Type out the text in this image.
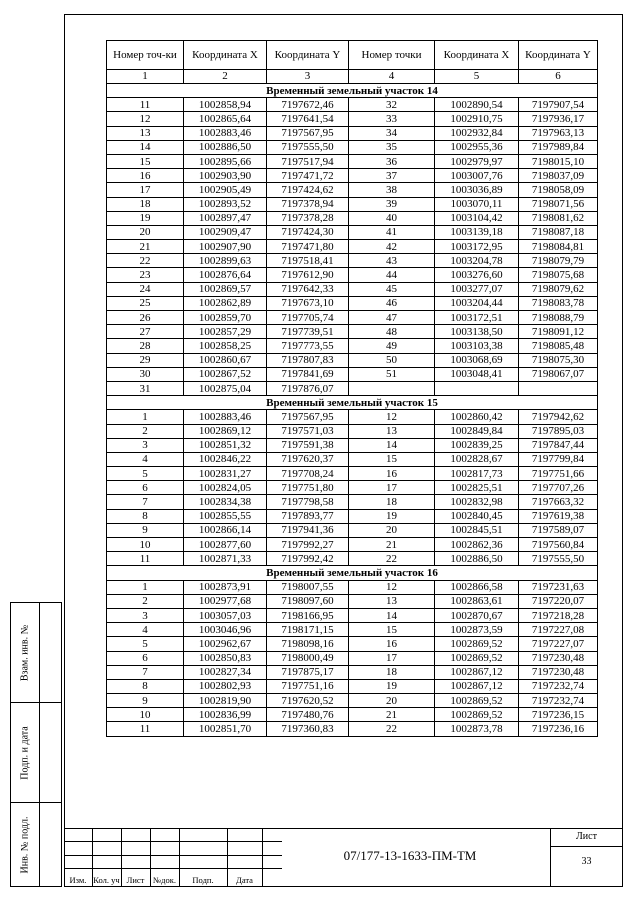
Номер точ-ки	Координата X	Координата Y	Номер точки	Координата X	Координата Y
1	2	3	4	5	6
Временный земельный участок 14					
11	1002858,94	7197672,46	32	1002890,54	7197907,54
12	1002865,64	7197641,54	33	1002910,75	7197936,17
13	1002883,46	7197567,95	34	1002932,84	7197963,13
14	1002886,50	7197555,50	35	1002955,36	7197989,84
15	1002895,66	7197517,94	36	1002979,97	7198015,10
16	1002903,90	7197471,72	37	1003007,76	7198037,09
17	1002905,49	7197424,62	38	1003036,89	7198058,09
18	1002893,52	7197378,94	39	1003070,11	7198071,56
19	1002897,47	7197378,28	40	1003104,42	7198081,62
20	1002909,47	7197424,30	41	1003139,18	7198087,18
21	1002907,90	7197471,80	42	1003172,95	7198084,81
22	1002899,63	7197518,41	43	1003204,78	7198079,79
23	1002876,64	7197612,90	44	1003276,60	7198075,68
24	1002869,57	7197642,33	45	1003277,07	7198079,62
25	1002862,89	7197673,10	46	1003204,44	7198083,78
26	1002859,70	7197705,74	47	1003172,51	7198088,79
27	1002857,29	7197739,51	48	1003138,50	7198091,12
28	1002858,25	7197773,55	49	1003103,38	7198085,48
29	1002860,67	7197807,83	50	1003068,69	7198075,30
30	1002867,52	7197841,69	51	1003048,41	7198067,07
31	1002875,04	7197876,07			
Временный земельный участок 15					
1	1002883,46	7197567,95	12	1002860,42	7197942,62
2	1002869,12	7197571,03	13	1002849,84	7197895,03
3	1002851,32	7197591,38	14	1002839,25	7197847,44
4	1002846,22	7197620,37	15	1002828,67	7197799,84
5	1002831,27	7197708,24	16	1002817,73	7197751,66
6	1002824,05	7197751,80	17	1002825,51	7197707,26
7	1002834,38	7197798,58	18	1002832,98	7197663,32
8	1002855,55	7197893,77	19	1002840,45	7197619,38
9	1002866,14	7197941,36	20	1002845,51	7197589,07
10	1002877,60	7197992,27	21	1002862,36	7197560,84
11	1002871,33	7197992,42	22	1002886,50	7197555,50
Временный земельный участок 16					
1	1002873,91	7198007,55	12	1002866,58	7197231,63
2	1002977,68	7198097,60	13	1002863,61	7197220,07
3	1003057,03	7198166,95	14	1002870,67	7197218,28
4	1003046,96	7198171,15	15	1002873,59	7197227,08
5	1002962,67	7198098,16	16	1002869,52	7197227,07
6	1002850,83	7198000,49	17	1002869,52	7197230,48
7	1002827,34	7197875,17	18	1002867,12	7197230,48
8	1002802,93	7197751,16	19	1002867,12	7197232,74
9	1002819,90	7197620,52	20	1002869,52	7197232,74
10	1002836,99	7197480,76	21	1002869,52	7197236,15
11	1002851,70	7197360,83	22	1002873,78	7197236,16
Взам. инв. №
Подп. и дата
Инв. № подл.
Изм. Кол. уч Лист	№док.	Подп.	Дата
07/177-13-1633-ПМ-ТМ
Лист
33
